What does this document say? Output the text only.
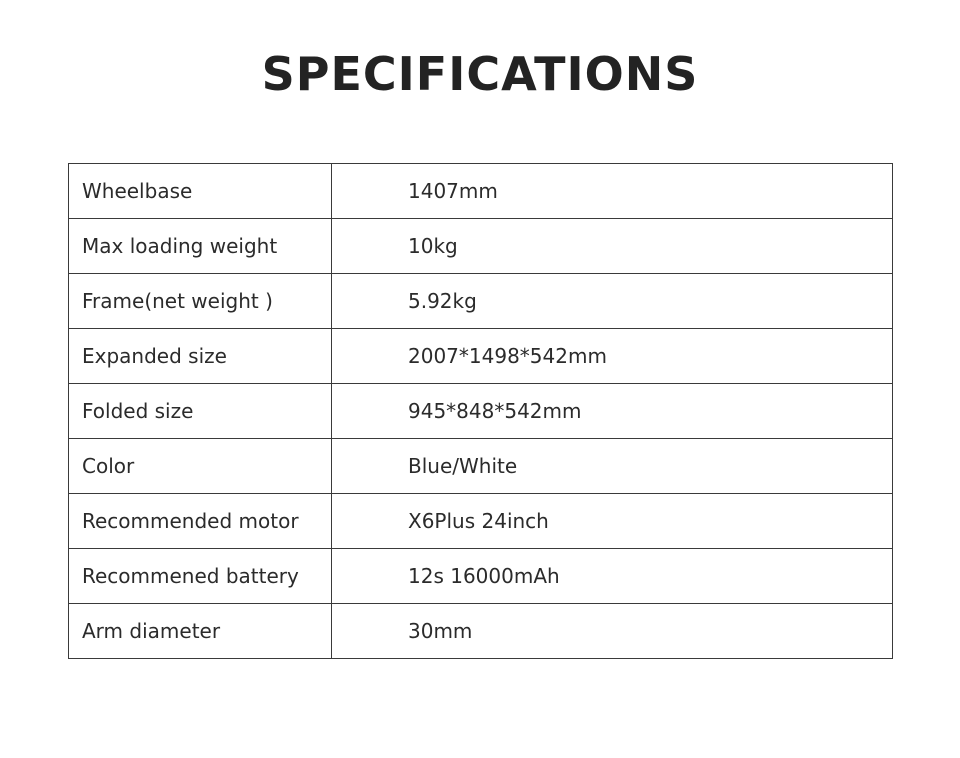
SPECIFICATIONS
Wheelbase	1407mm
Max loading weight	10kg
Frame(net weight )	5.92kg
Expanded size	2007*1498*542mm
Folded size	945*848*542mm
Color	Blue/White
Recommended motor	X6Plus 24inch
Recommened battery	12s 16000mAh
Arm diameter	30mm
